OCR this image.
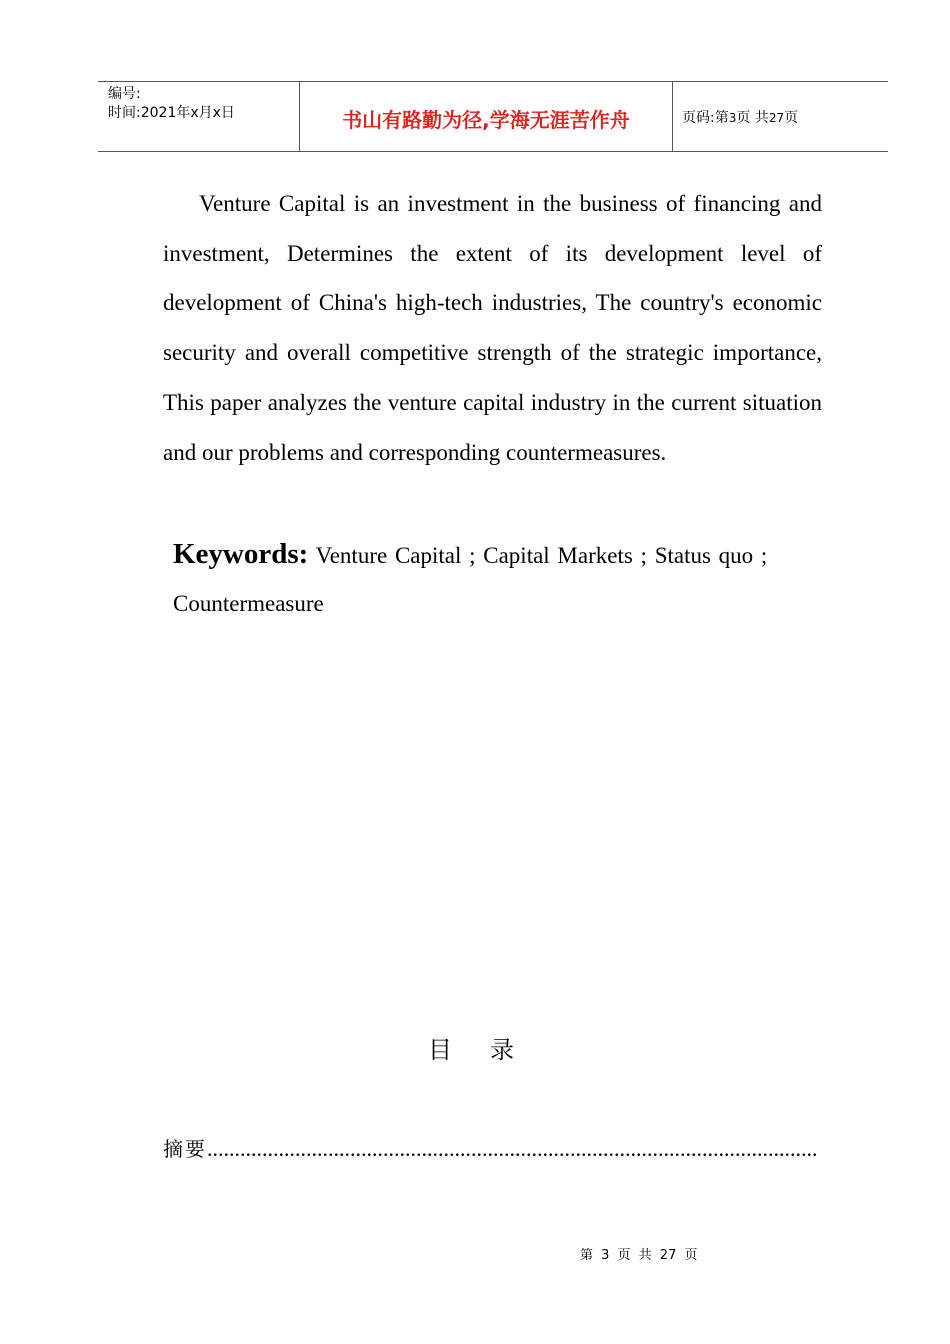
编号:
时间:2021年x月x日	书山有路勤为径,学海无涯苦作舟	页码:第3页 共27页

Venture Capital is an investment in the business of financing and investment, Determines the extent of its development level of development of China's high-tech industries, The country's economic security and overall competitive strength of the strategic importance, This paper analyzes the venture capital industry in the current situation and our problems and corresponding countermeasures.

Keywords: Venture Capital ; Capital Markets ; Status quo ; Countermeasure

目录
摘要...............................................................................................................
第 3 页 共 27 页
